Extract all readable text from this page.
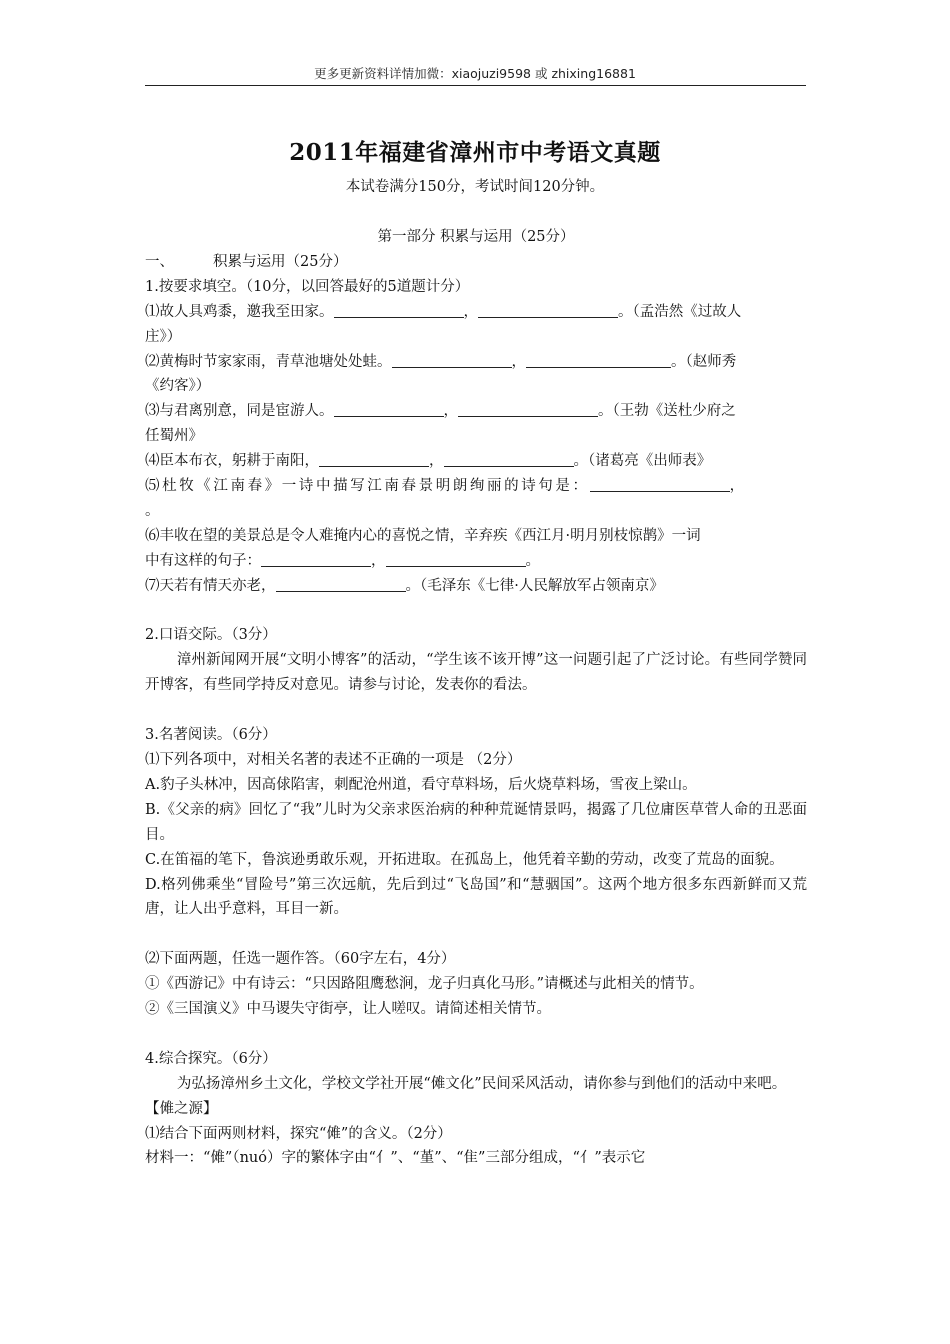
更多更新资料详情加微：xiaojuzi9598 或 zhixing16881
2011年福建省漳州市中考语文真题
本试卷满分150分，考试时间120分钟。

第一部分 积累与运用（25分）

一、	积累与运用（25分）

1.按要求填空。（10分，以回答最好的5道题计分）

⑴故人具鸡黍，邀我至田家。	，	。（孟浩然《过故人
庄》）

⑵黄梅时节家家雨，青草池塘处处蛙。	，	。（赵师秀
《约客》）

⑶与君离别意，同是宦游人。	，	。（王勃《送杜少府之
任蜀州》

⑷臣本布衣，躬耕于南阳，	，	。（诸葛亮《出师表》

⑸杜牧《江南春》一诗中描写江南春景明朗绚丽的诗句是：	，
。

⑹丰收在望的美景总是令人难掩内心的喜悦之情，辛弃疾《西江月·明月别枝惊鹊》一词
中有这样的句子：	，	。

⑺天若有情天亦老，	。（毛泽东《七律·人民解放军占领南京》

2.口语交际。（3分）

漳州新闻网开展“文明小博客”的活动，“学生该不该开博”这一问题引起了广泛讨论。有些同学赞同开博客，有些同学持反对意见。请参与讨论，发表你的看法。

3.名著阅读。（6分）

⑴下列各项中，对相关名著的表述不正确的一项是 （2分）

A.豹子头林冲，因高俅陷害，刺配沧州道，看守草料场，后火烧草料场，雪夜上梁山。

B.《父亲的病》回忆了“我”儿时为父亲求医治病的种种荒诞情景吗，揭露了几位庸医草菅人命的丑恶面目。

C.在笛福的笔下，鲁滨逊勇敢乐观，开拓进取。在孤岛上，他凭着辛勤的劳动，改变了荒岛的面貌。

D.格列佛乘坐“冒险号”第三次远航，先后到过“飞岛国”和“慧骃国”。这两个地方很多东西新鲜而又荒唐，让人出乎意料，耳目一新。

⑵下面两题，任选一题作答。（60字左右，4分）

①《西游记》中有诗云：“只因路阻鹰愁涧，龙子归真化马形。”请概述与此相关的情节。

②《三国演义》中马谡失守街亭，让人嗟叹。请简述相关情节。

4.综合探究。（6分）

为弘扬漳州乡土文化，学校文学社开展“傩文化”民间采风活动，请你参与到他们的活动中来吧。

【傩之源】

⑴结合下面两则材料，探究“傩”的含义。（2分）

材料一：“傩”（nuó）字的繁体字由“亻”、“堇”、“隹”三部分组成，“亻”表示它
